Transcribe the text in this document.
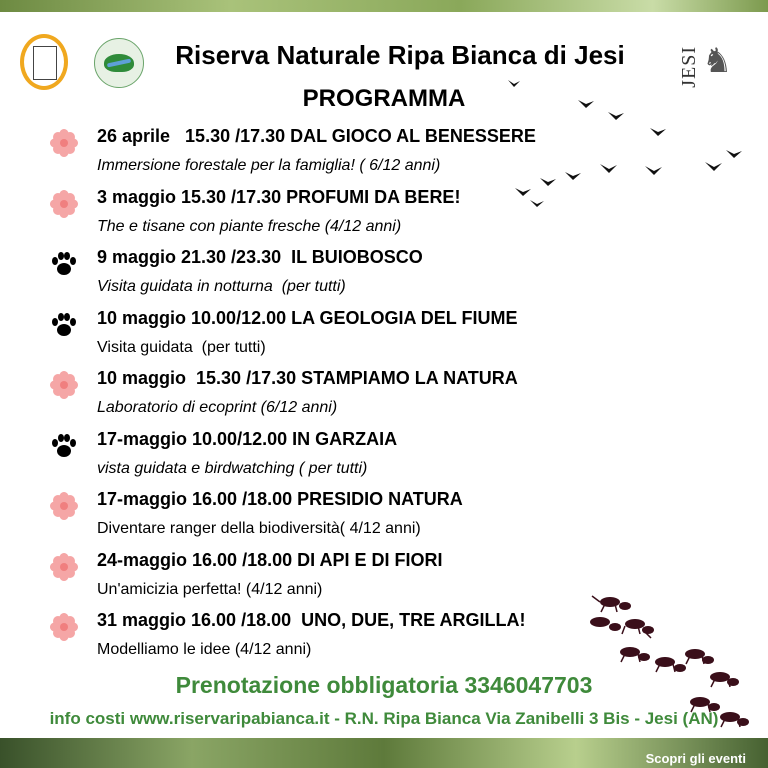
JESI ♞
Riserva Naturale Ripa Bianca di Jesi
PROGRAMMA
26 aprile   15.30 /17.30 DAL GIOCO AL BENESSERE
Immersione forestale per la famiglia! ( 6/12 anni)
3 maggio 15.30 /17.30 PROFUMI DA BERE!
The e tisane con piante fresche (4/12 anni)
9 maggio 21.30 /23.30  IL BUIOBOSCO
Visita guidata in notturna  (per tutti)
10 maggio 10.00/12.00 LA GEOLOGIA DEL FIUME
Visita guidata  (per tutti)
10 maggio  15.30 /17.30 STAMPIAMO LA NATURA
Laboratorio di ecoprint (6/12 anni)
17-maggio 10.00/12.00 IN GARZAIA
vista guidata e birdwatching ( per tutti)
17-maggio 16.00 /18.00 PRESIDIO NATURA
Diventare ranger della biodiversità( 4/12 anni)
24-maggio 16.00 /18.00 DI API E DI FIORI
Un'amicizia perfetta! (4/12 anni)
31 maggio 16.00 /18.00  UNO, DUE, TRE ARGILLA!
Modelliamo le idee (4/12 anni)
Prenotazione obbligatoria 3346047703
info costi www.riservaripabianca.it - R.N. Ripa Bianca Via Zanibelli 3 Bis - Jesi (AN)
Scopri gli eventi
